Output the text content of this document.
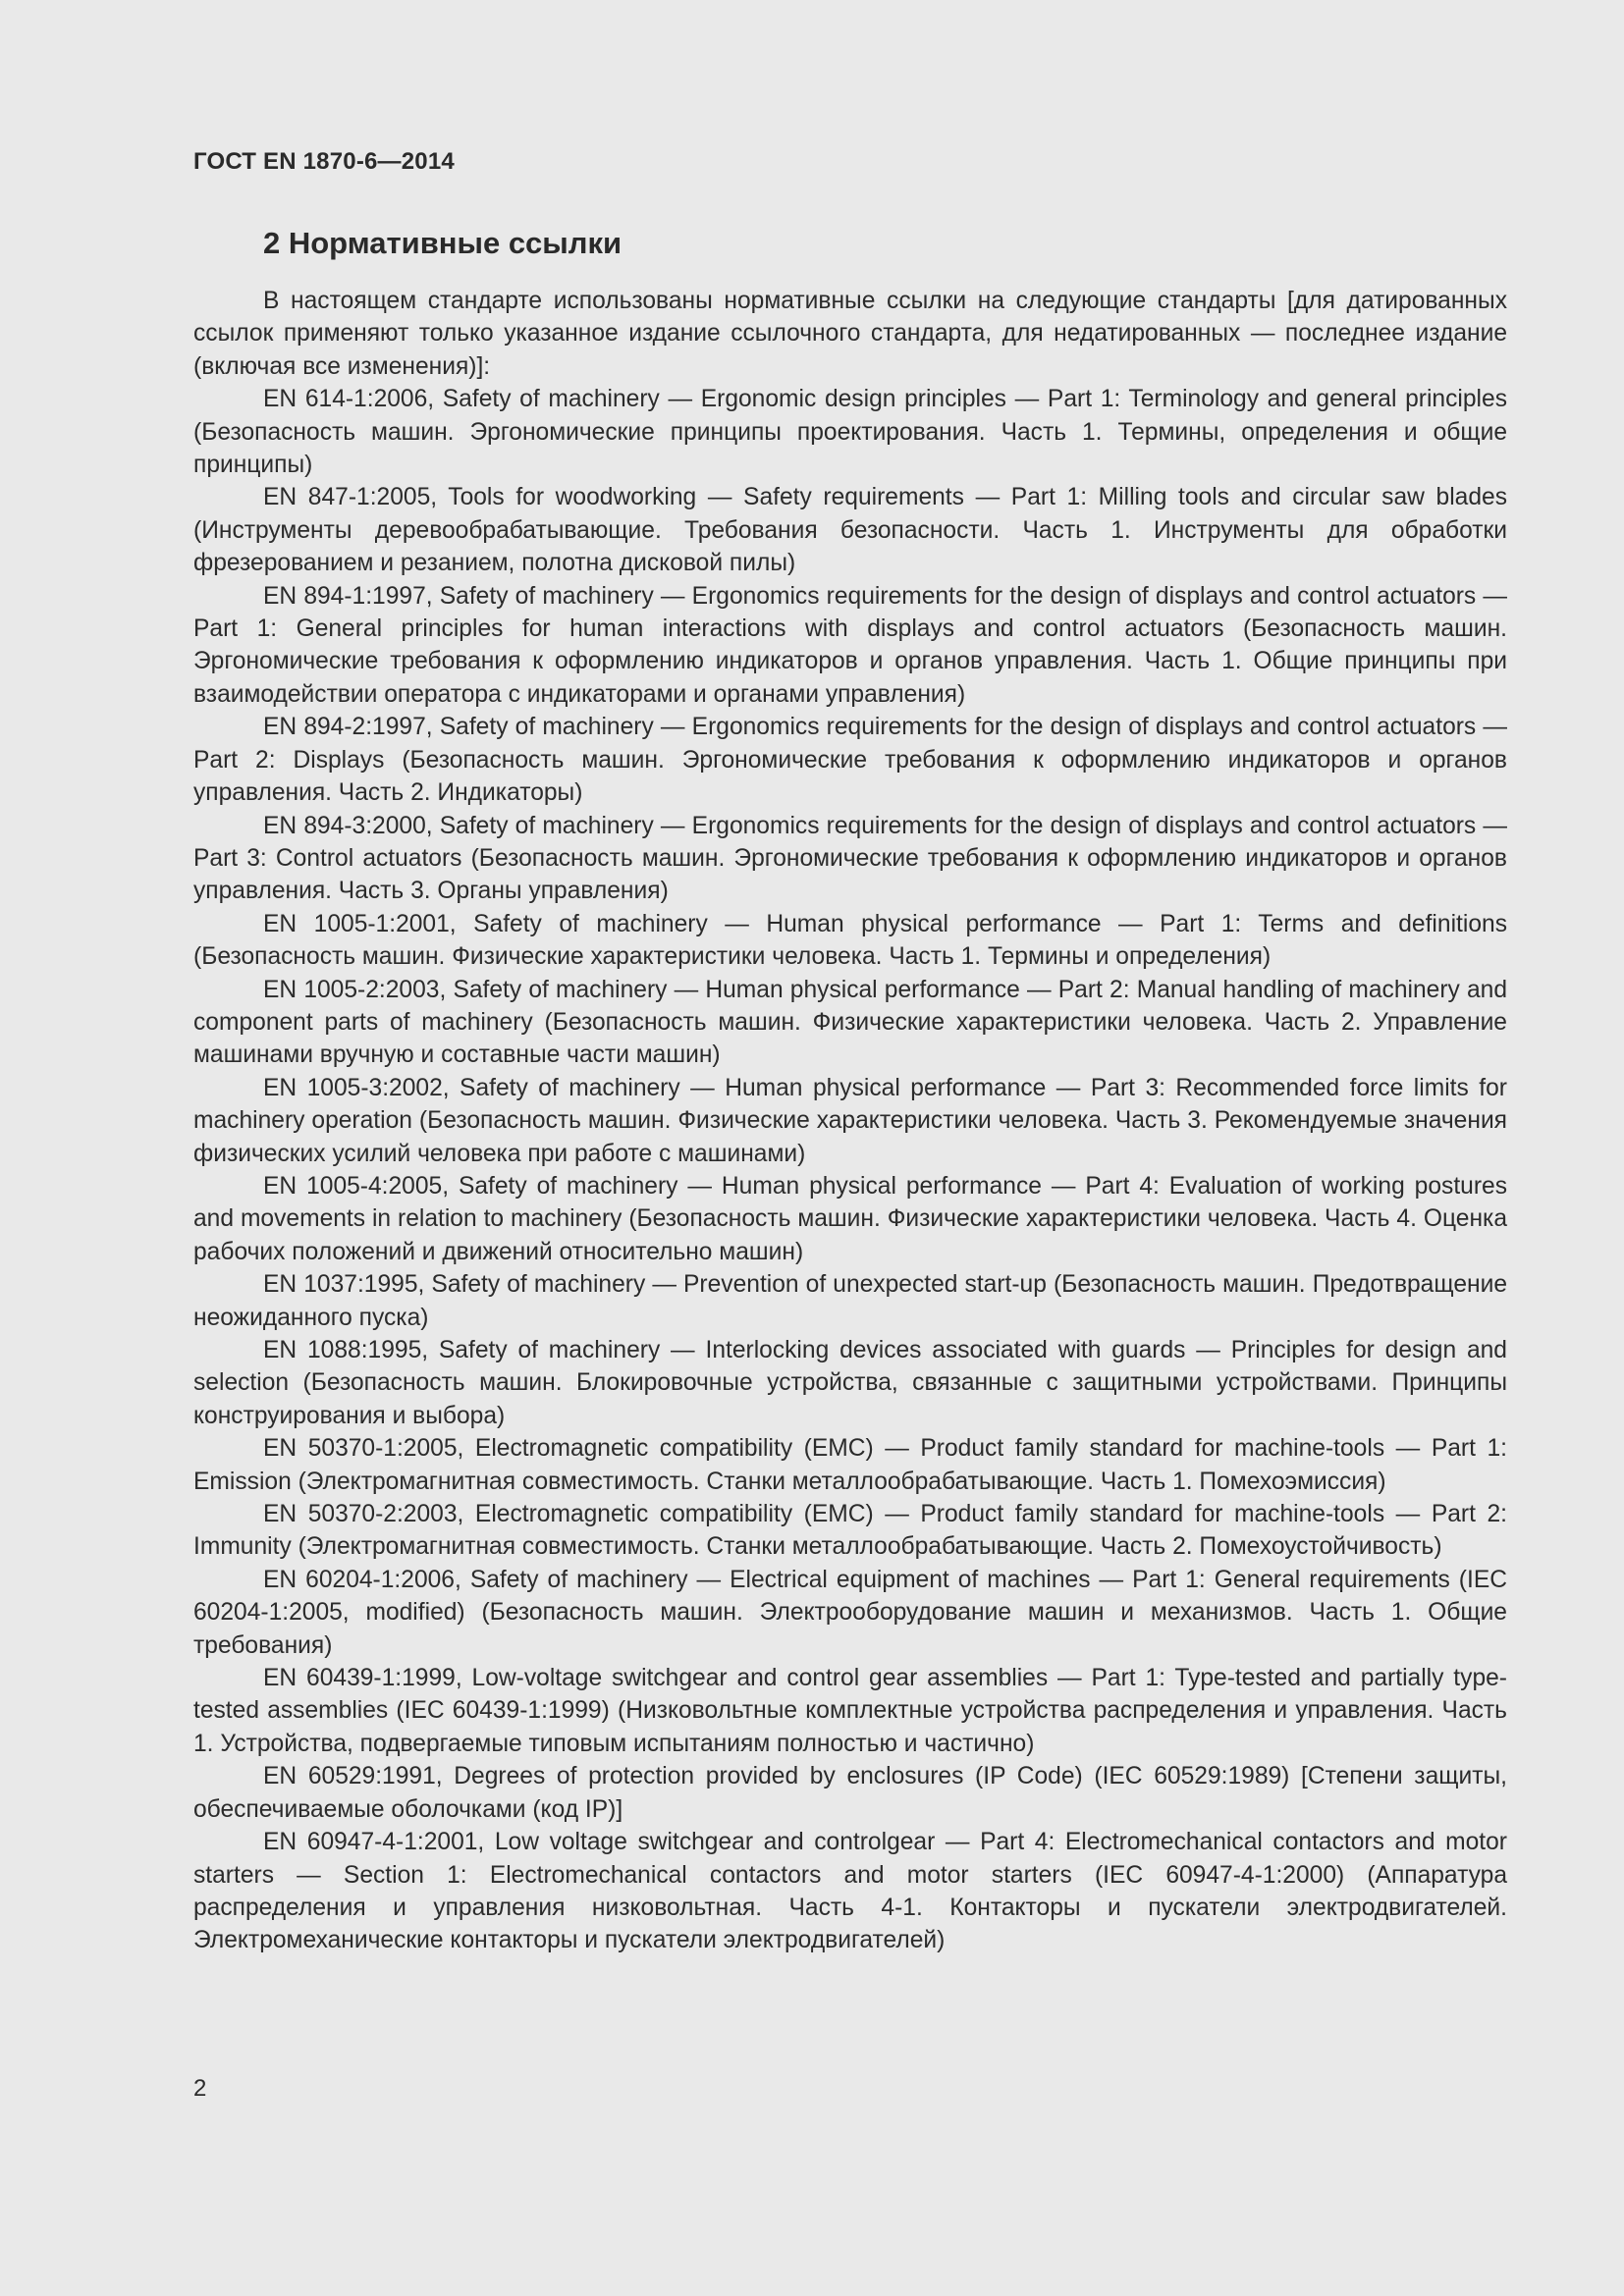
ГОСТ EN 1870-6—2014
2 Нормативные ссылки

В настоящем стандарте использованы нормативные ссылки на следующие стандарты [для датированных ссылок применяют только указанное издание ссылочного стандарта, для недатированных — последнее издание (включая все изменения)]:

EN 614-1:2006, Safety of machinery — Ergonomic design principles — Part 1: Terminology and general principles (Безопасность машин. Эргономические принципы проектирования. Часть 1. Термины, определения и общие принципы)

EN 847-1:2005, Tools for woodworking — Safety requirements — Part 1: Milling tools and circular saw blades (Инструменты деревообрабатывающие. Требования безопасности. Часть 1. Инструменты для обработки фрезерованием и резанием, полотна дисковой пилы)

EN 894-1:1997, Safety of machinery — Ergonomics requirements for the design of displays and control actuators — Part 1: General principles for human interactions with displays and control actuators (Безопасность машин. Эргономические требования к оформлению индикаторов и органов управления. Часть 1. Общие принципы при взаимодействии оператора с индикаторами и органами управления)

EN 894-2:1997, Safety of machinery — Ergonomics requirements for the design of displays and control actuators — Part 2: Displays (Безопасность машин. Эргономические требования к оформлению индикаторов и органов управления. Часть 2. Индикаторы)

EN 894-3:2000, Safety of machinery — Ergonomics requirements for the design of displays and control actuators — Part 3: Control actuators (Безопасность машин. Эргономические требования к оформлению индикаторов и органов управления. Часть 3. Органы управления)

EN 1005-1:2001, Safety of machinery — Human physical performance — Part 1: Terms and definitions (Безопасность машин. Физические характеристики человека. Часть 1. Термины и определения)

EN 1005-2:2003, Safety of machinery — Human physical performance — Part 2: Manual handling of machinery and component parts of machinery (Безопасность машин. Физические характеристики человека. Часть 2. Управление машинами вручную и составные части машин)

EN 1005-3:2002, Safety of machinery — Human physical performance — Part 3: Recommended force limits for machinery operation (Безопасность машин. Физические характеристики человека. Часть 3. Рекомендуемые значения физических усилий человека при работе с машинами)

EN 1005-4:2005, Safety of machinery — Human physical performance — Part 4: Evaluation of working postures and movements in relation to machinery (Безопасность машин. Физические характеристики человека. Часть 4. Оценка рабочих положений и движений относительно машин)

EN 1037:1995, Safety of machinery — Prevention of unexpected start-up (Безопасность машин. Предотвращение неожиданного пуска)

EN 1088:1995, Safety of machinery — Interlocking devices associated with guards — Principles for design and selection (Безопасность машин. Блокировочные устройства, связанные с защитными устройствами. Принципы конструирования и выбора)

EN 50370-1:2005, Electromagnetic compatibility (EMC) — Product family standard for machine-tools — Part 1: Emission (Электромагнитная совместимость. Станки металлообрабатывающие. Часть 1. Помехоэмиссия)

EN 50370-2:2003, Electromagnetic compatibility (EMC) — Product family standard for machine-tools — Part 2: Immunity (Электромагнитная совместимость. Станки металлообрабатывающие. Часть 2. Помехоустойчивость)

EN 60204-1:2006, Safety of machinery — Electrical equipment of machines — Part 1: General requirements (IEC 60204-1:2005, modified) (Безопасность машин. Электрооборудование машин и механизмов. Часть 1. Общие требования)

EN 60439-1:1999, Low-voltage switchgear and control gear assemblies — Part 1: Type-tested and partially type-tested assemblies (IEC 60439-1:1999) (Низковольтные комплектные устройства распределения и управления. Часть 1. Устройства, подвергаемые типовым испытаниям полностью и частично)

EN 60529:1991, Degrees of protection provided by enclosures (IP Code) (IEC 60529:1989) [Степени защиты, обеспечиваемые оболочками (код IP)]

EN 60947-4-1:2001, Low voltage switchgear and controlgear — Part 4: Electromechanical contactors and motor starters — Section 1: Electromechanical contactors and motor starters (IEC 60947-4-1:2000) (Аппаратура распределения и управления низковольтная. Часть 4-1. Контакторы и пускатели электродвигателей. Электромеханические контакторы и пускатели электродвигателей)

2
